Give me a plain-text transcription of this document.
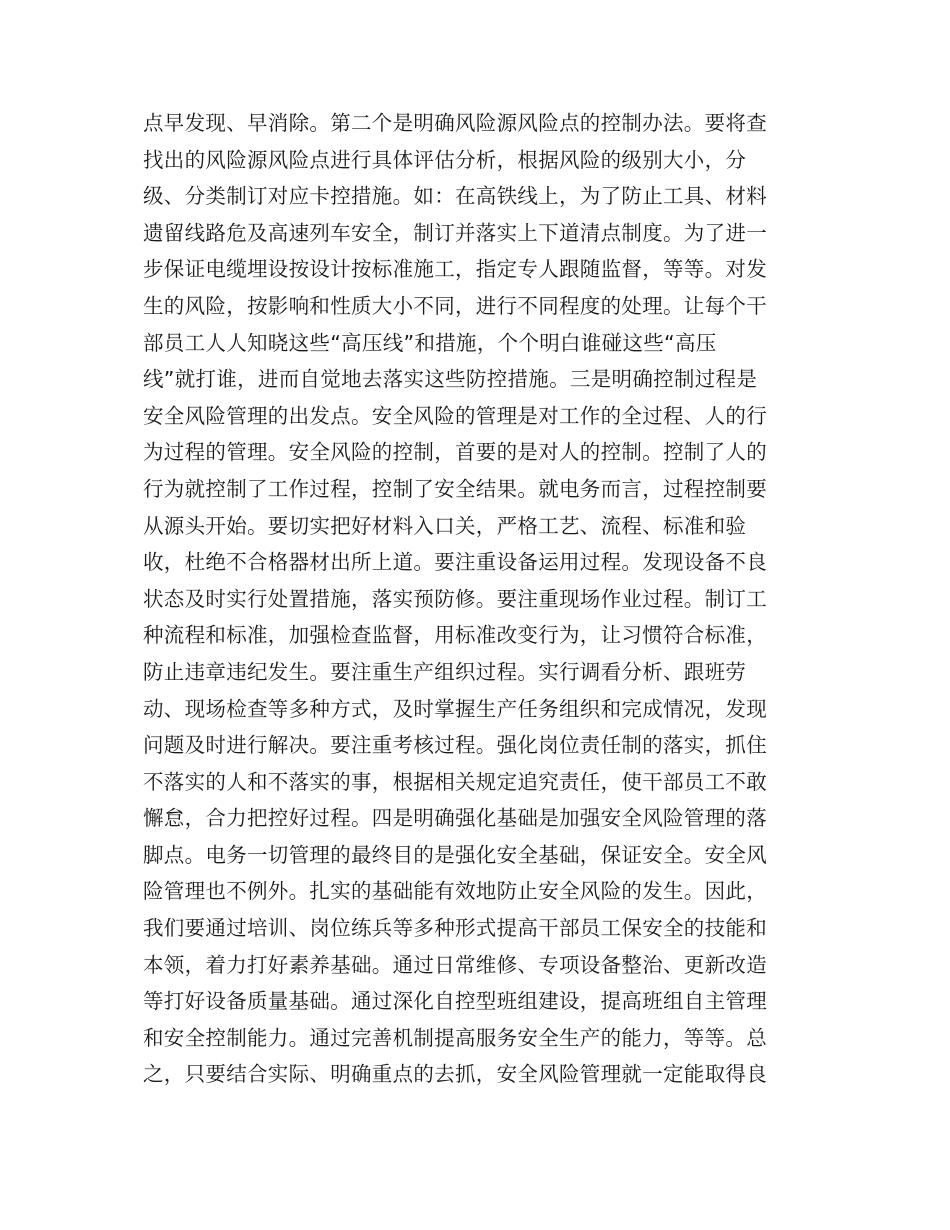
点早发现、早消除。第二个是明确风险源风险点的控制办法。要将查
找出的风险源风险点进行具体评估分析，根据风险的级别大小，分
级、分类制订对应卡控措施。如：在高铁线上，为了防止工具、材料
遗留线路危及高速列车安全，制订并落实上下道清点制度。为了进一
步保证电缆埋设按设计按标准施工，指定专人跟随监督，等等。对发
生的风险，按影响和性质大小不同，进行不同程度的处理。让每个干
部员工人人知晓这些“高压线”和措施，个个明白谁碰这些“高压
线”就打谁，进而自觉地去落实这些防控措施。三是明确控制过程是
安全风险管理的出发点。安全风险的管理是对工作的全过程、人的行
为过程的管理。安全风险的控制，首要的是对人的控制。控制了人的
行为就控制了工作过程，控制了安全结果。就电务而言，过程控制要
从源头开始。要切实把好材料入口关，严格工艺、流程、标准和验
收，杜绝不合格器材出所上道。要注重设备运用过程。发现设备不良
状态及时实行处置措施，落实预防修。要注重现场作业过程。制订工
种流程和标准，加强检查监督，用标准改变行为，让习惯符合标准，
防止违章违纪发生。要注重生产组织过程。实行调看分析、跟班劳
动、现场检查等多种方式，及时掌握生产任务组织和完成情况，发现
问题及时进行解决。要注重考核过程。强化岗位责任制的落实，抓住
不落实的人和不落实的事，根据相关规定追究责任，使干部员工不敢
懈怠，合力把控好过程。四是明确强化基础是加强安全风险管理的落
脚点。电务一切管理的最终目的是强化安全基础，保证安全。安全风
险管理也不例外。扎实的基础能有效地防止安全风险的发生。因此，
我们要通过培训、岗位练兵等多种形式提高干部员工保安全的技能和
本领，着力打好素养基础。通过日常维修、专项设备整治、更新改造
等打好设备质量基础。通过深化自控型班组建设，提高班组自主管理
和安全控制能力。通过完善机制提高服务安全生产的能力，等等。总
之，只要结合实际、明确重点的去抓，安全风险管理就一定能取得良
